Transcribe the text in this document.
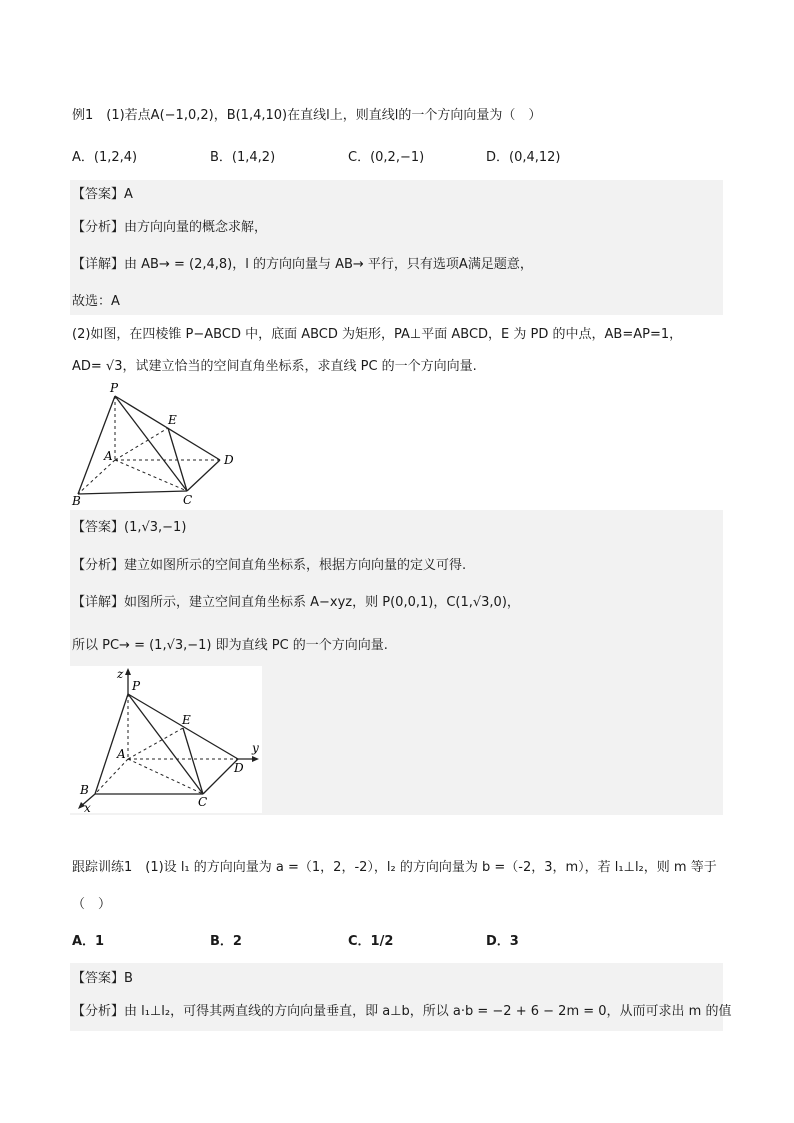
例1　(1)若点A(−1,0,2)，B(1,4,10)在直线l上，则直线l的一个方向向量为（　）
A．(1,2,4)	B．(1,4,2)	C．(0,2,−1)	D．(0,4,12)
【答案】A
【分析】由方向向量的概念求解，
【详解】由 AB→ = (2,4,8)，l 的方向向量与 AB→ 平行，只有选项A满足题意，
故选：A
(2)如图，在四棱锥 P−ABCD 中，底面 ABCD 为矩形，PA⊥平面 ABCD，E 为 PD 的中点，AB=AP=1，
AD= √3，试建立恰当的空间直角坐标系，求直线 PC 的一个方向向量.
P
E
A	D
B	C
【答案】(1,√3,−1)
【分析】建立如图所示的空间直角坐标系，根据方向向量的定义可得.
【详解】如图所示，建立空间直角坐标系 A−xyz，则 P(0,0,1)，C(1,√3,0)，
所以 PC→ = (1,√3,−1) 即为直线 PC 的一个方向向量.
z
P
E
A	y
D
B
C
x
跟踪训练1　(1)设 l₁ 的方向向量为 a =（1，2，-2），l₂ 的方向向量为 b =（-2，3，m），若 l₁⊥l₂，则 m 等于
（　）
A．1	B．2	C．1/2	D．3
【答案】B
【分析】由 l₁⊥l₂，可得其两直线的方向向量垂直，即 a⊥b，所以 a·b = −2 + 6 − 2m = 0，从而可求出 m 的值
